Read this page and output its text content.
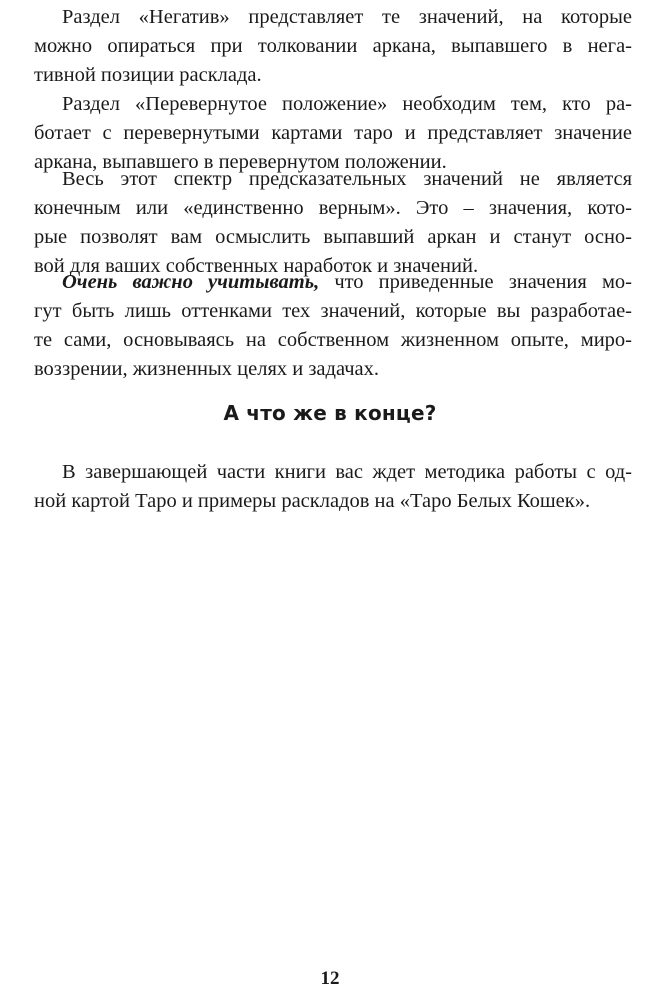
Раздел «Негатив» представляет те значений, на которые
можно опираться при толковании аркана, выпавшего в нега-
тивной позиции расклада.
Раздел «Перевернутое положение» необходим тем, кто ра-
ботает с перевернутыми картами таро и представляет значение
аркана, выпавшего в перевернутом положении.
Весь этот спектр предсказательных значений не является
конечным или «единственно верным». Это – значения, кото-
рые позволят вам осмыслить выпавший аркан и станут осно-
вой для ваших собственных наработок и значений.
Очень важно учитывать, что приведенные значения мо-
гут быть лишь оттенками тех значений, которые вы разработае-
те сами, основываясь на собственном жизненном опыте, миро-
воззрении, жизненных целях и задачах.
А что же в конце?
В завершающей части книги вас ждет методика работы с од-
ной картой Таро и примеры раскладов на «Таро Белых Кошек».
12
